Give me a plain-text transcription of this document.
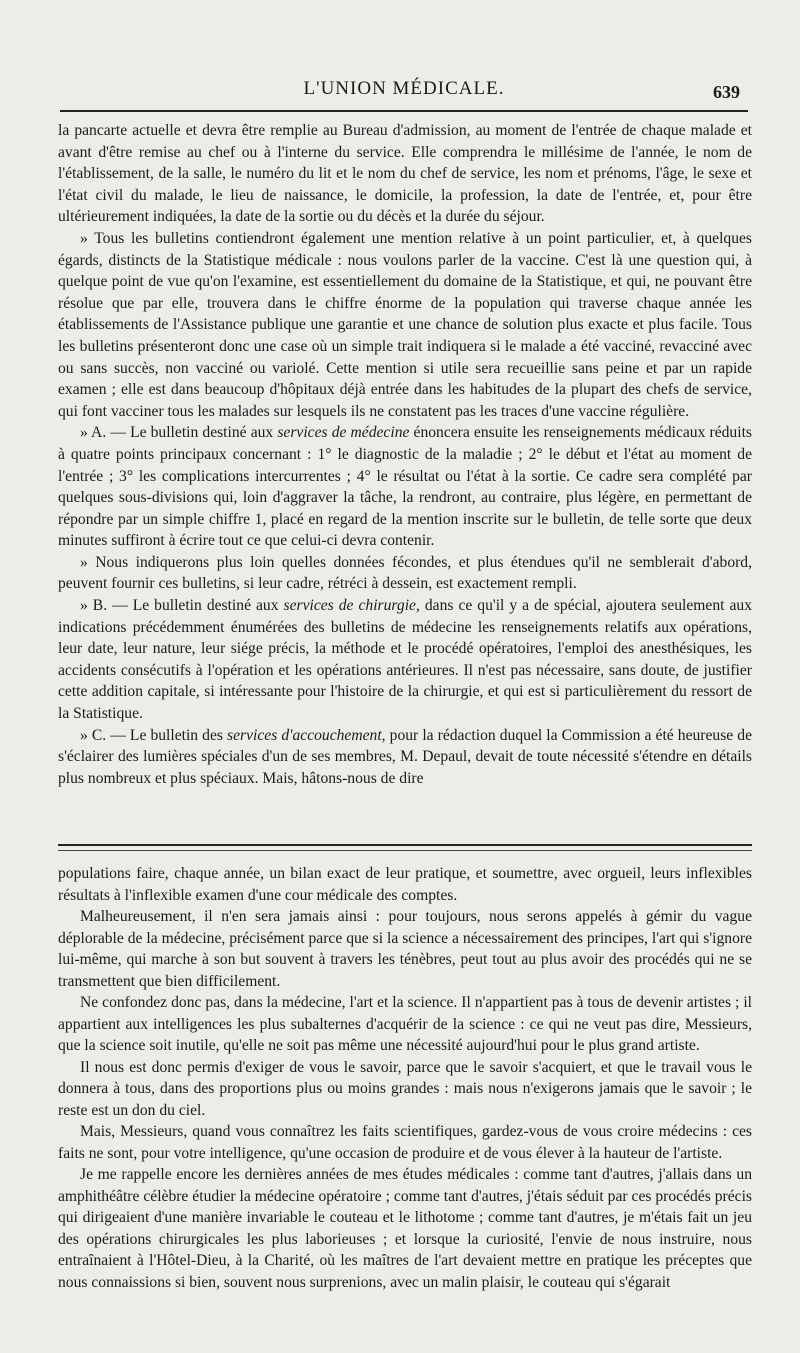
L'UNION MÉDICALE.	639

la pancarte actuelle et devra être remplie au Bureau d'admission, au moment de l'entrée de chaque malade et avant d'être remise au chef ou à l'interne du service. Elle comprendra le millésime de l'année, le nom de l'établissement, de la salle, le numéro du lit et le nom du chef de service, les nom et prénoms, l'âge, le sexe et l'état civil du malade, le lieu de naissance, le domicile, la profession, la date de l'entrée, et, pour être ultérieurement indiquées, la date de la sortie ou du décès et la durée du séjour.

» Tous les bulletins contiendront également une mention relative à un point particulier, et, à quelques égards, distincts de la Statistique médicale : nous voulons parler de la vaccine. C'est là une question qui, à quelque point de vue qu'on l'examine, est essentiellement du domaine de la Statistique, et qui, ne pouvant être résolue que par elle, trouvera dans le chiffre énorme de la population qui traverse chaque année les établissements de l'Assistance publique une garantie et une chance de solution plus exacte et plus facile. Tous les bulletins présenteront donc une case où un simple trait indiquera si le malade a été vacciné, revacciné avec ou sans succès, non vacciné ou variolé. Cette mention si utile sera recueillie sans peine et par un rapide examen ; elle est dans beaucoup d'hôpitaux déjà entrée dans les habitudes de la plupart des chefs de service, qui font vacciner tous les malades sur lesquels ils ne constatent pas les traces d'une vaccine régulière.

» A. — Le bulletin destiné aux services de médecine énoncera ensuite les renseignements médicaux réduits à quatre points principaux concernant : 1° le diagnostic de la maladie ; 2° le début et l'état au moment de l'entrée ; 3° les complications intercurrentes ; 4° le résultat ou l'état à la sortie. Ce cadre sera complété par quelques sous-divisions qui, loin d'aggraver la tâche, la rendront, au contraire, plus légère, en permettant de répondre par un simple chiffre 1, placé en regard de la mention inscrite sur le bulletin, de telle sorte que deux minutes suffiront à écrire tout ce que celui-ci devra contenir.

» Nous indiquerons plus loin quelles données fécondes, et plus étendues qu'il ne semblerait d'abord, peuvent fournir ces bulletins, si leur cadre, rétréci à dessein, est exactement rempli.

» B. — Le bulletin destiné aux services de chirurgie, dans ce qu'il y a de spécial, ajoutera seulement aux indications précédemment énumérées des bulletins de médecine les renseignements relatifs aux opérations, leur date, leur nature, leur siége précis, la méthode et le procédé opératoires, l'emploi des anesthésiques, les accidents consécutifs à l'opération et les opérations antérieures. Il n'est pas nécessaire, sans doute, de justifier cette addition capitale, si intéressante pour l'histoire de la chirurgie, et qui est si particulièrement du ressort de la Statistique.

» C. — Le bulletin des services d'accouchement, pour la rédaction duquel la Commission a été heureuse de s'éclairer des lumières spéciales d'un de ses membres, M. Depaul, devait de toute nécessité s'étendre en détails plus nombreux et plus spéciaux. Mais, hâtons-nous de dire

populations faire, chaque année, un bilan exact de leur pratique, et soumettre, avec orgueil, leurs inflexibles résultats à l'inflexible examen d'une cour médicale des comptes.

Malheureusement, il n'en sera jamais ainsi : pour toujours, nous serons appelés à gémir du vague déplorable de la médecine, précisément parce que si la science a nécessairement des principes, l'art qui s'ignore lui-même, qui marche à son but souvent à travers les ténèbres, peut tout au plus avoir des procédés qui ne se transmettent que bien difficilement.

Ne confondez donc pas, dans la médecine, l'art et la science. Il n'appartient pas à tous de devenir artistes ; il appartient aux intelligences les plus subalternes d'acquérir de la science : ce qui ne veut pas dire, Messieurs, que la science soit inutile, qu'elle ne soit pas même une nécessité aujourd'hui pour le plus grand artiste.

Il nous est donc permis d'exiger de vous le savoir, parce que le savoir s'acquiert, et que le travail vous le donnera à tous, dans des proportions plus ou moins grandes : mais nous n'exigerons jamais que le savoir ; le reste est un don du ciel.

Mais, Messieurs, quand vous connaîtrez les faits scientifiques, gardez-vous de vous croire médecins : ces faits ne sont, pour votre intelligence, qu'une occasion de produire et de vous élever à la hauteur de l'artiste.

Je me rappelle encore les dernières années de mes études médicales : comme tant d'autres, j'allais dans un amphithéâtre célèbre étudier la médecine opératoire ; comme tant d'autres, j'étais séduit par ces procédés précis qui dirigeaient d'une manière invariable le couteau et le lithotome ; comme tant d'autres, je m'étais fait un jeu des opérations chirurgicales les plus laborieuses ; et lorsque la curiosité, l'envie de nous instruire, nous entraînaient à l'Hôtel-Dieu, à la Charité, où les maîtres de l'art devaient mettre en pratique les préceptes que nous connaissions si bien, souvent nous surprenions, avec un malin plaisir, le couteau qui s'égarait
